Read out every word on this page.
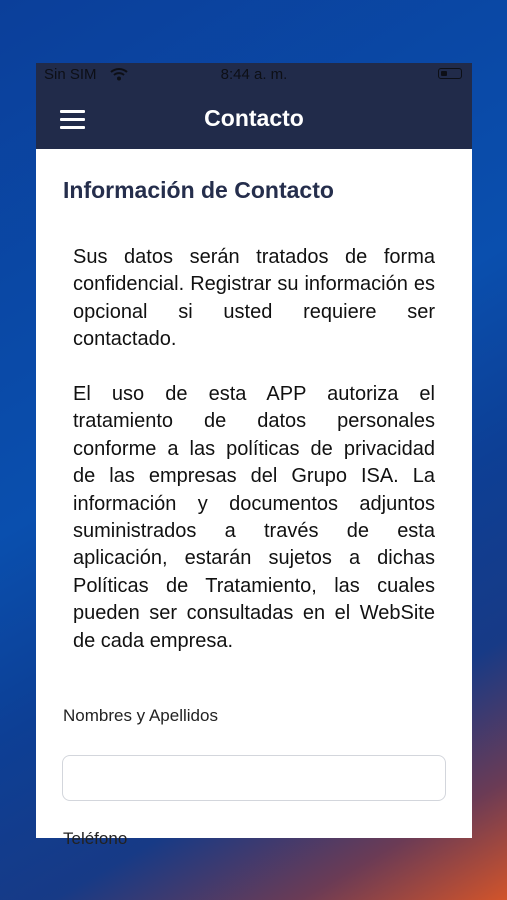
Sin SIM	8:44 a. m.
Contacto
Información de Contacto

Sus datos serán tratados de forma confidencial. Registrar su información es opcional si usted requiere ser contactado.

El uso de esta APP autoriza el tratamiento de datos personales conforme a las políticas de privacidad de las empresas del Grupo ISA. La información y documentos adjuntos suministrados a través de esta aplicación, estarán sujetos a dichas Políticas de Tratamiento, las cuales pueden ser consultadas en el WebSite de cada empresa.

Nombres y Apellidos
Teléfono
